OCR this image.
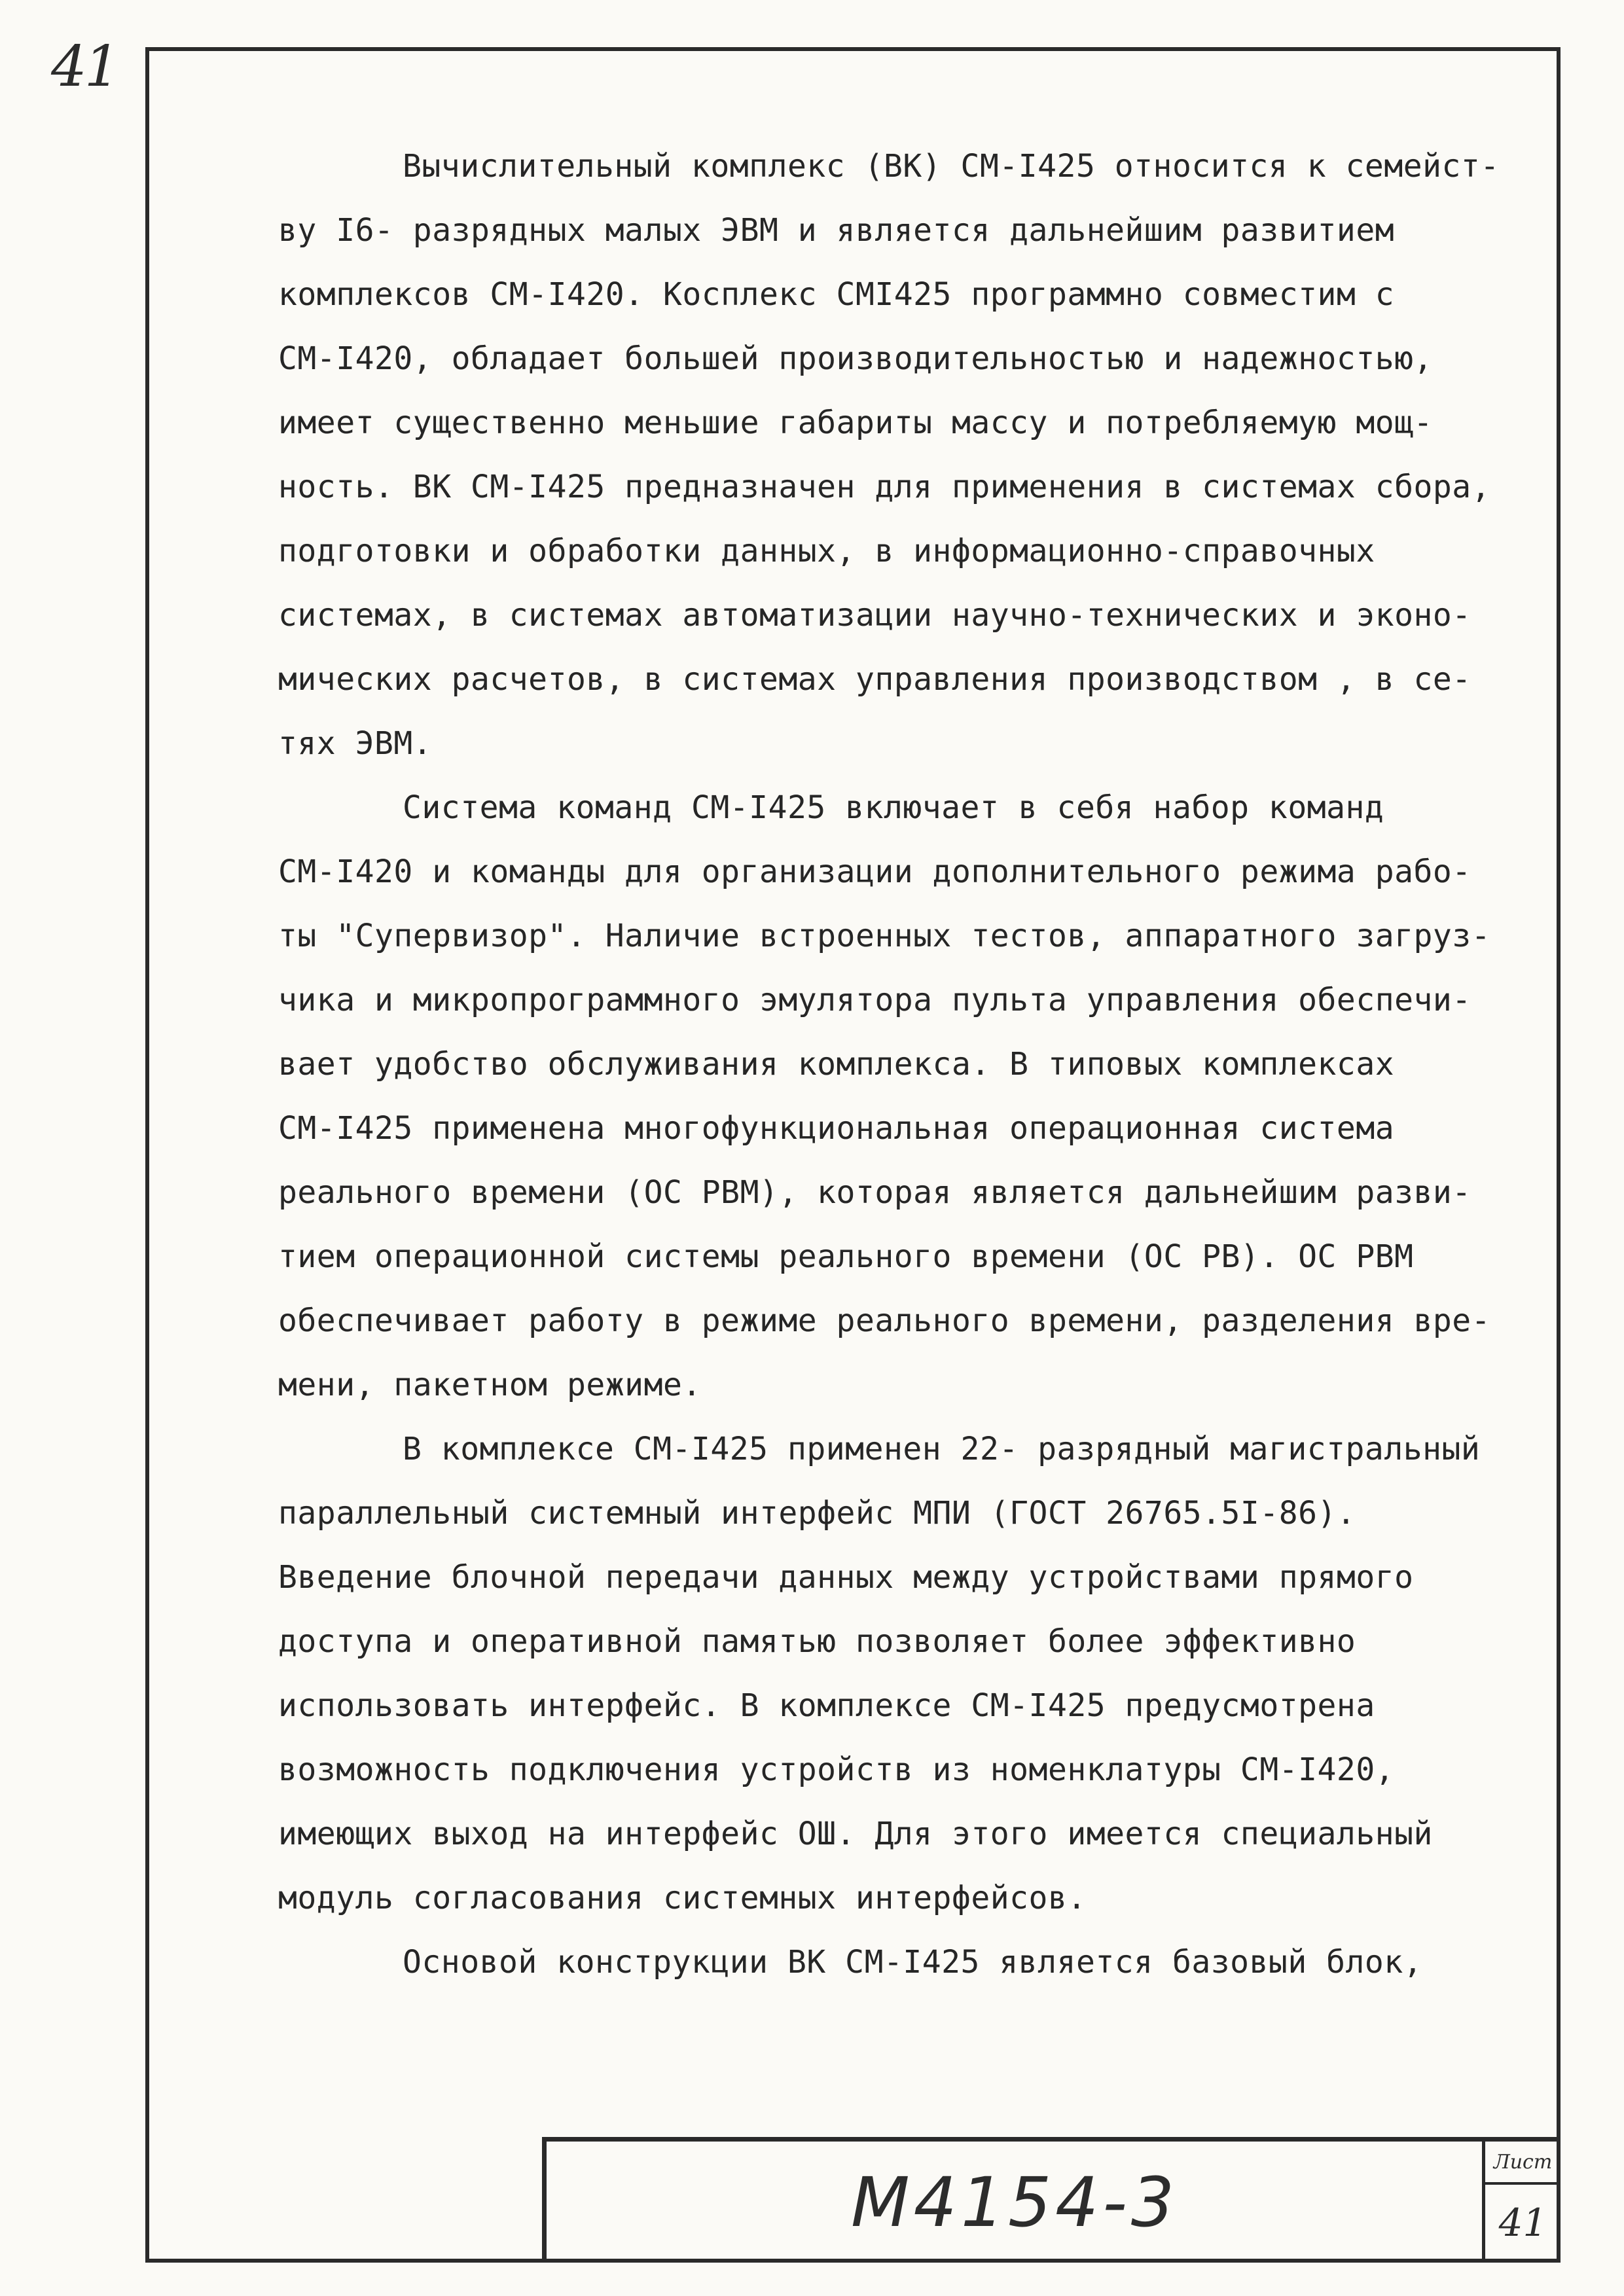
41
Вычислительный комплекс (ВК) СМ-I425 относится к семейст-
ву I6- разрядных малых ЭВМ и является дальнейшим развитием
комплексов СМ-I420. Косплекс СМI425 программно совместим с
СМ-I420, обладает большей производительностью и надежностью,
имеет существенно меньшие габариты массу и потребляемую мощ-
ность. ВК СМ-I425 предназначен для применения в системах сбора,
подготовки и обработки данных, в информационно-справочных
системах, в системах автоматизации научно-технических и эконо-
мических расчетов, в системах управления производством , в се-
тях ЭВМ.
Система команд СМ-I425 включает в себя набор команд
СМ-I420 и команды для организации дополнительного режима рабо-
ты "Супервизор". Наличие встроенных тестов, аппаратного загруз-
чика и микропрограммного эмулятора пульта управления обеспечи-
вает удобство обслуживания комплекса. В типовых комплексах
СМ-I425 применена многофункциональная операционная система
реального времени (ОС РВМ), которая является дальнейшим разви-
тием операционной системы реального времени (ОС РВ). ОС РВМ
обеспечивает работу в режиме реального времени, разделения вре-
мени, пакетном режиме.
В комплексе СМ-I425 применен 22- разрядный магистральный
параллельный системный интерфейс МПИ (ГОСТ 26765.5I-86).
Введение блочной передачи данных между устройствами прямого
доступа и оперативной памятью позволяет более эффективно
использовать интерфейс. В комплексе СМ-I425 предусмотрена
возможность подключения устройств из номенклатуры СМ-I420,
имеющих выход на интерфейс ОШ. Для этого имеется специальный
модуль согласования системных интерфейсов.
Основой конструкции ВК СМ-I425 является базовый блок,
М4154-3
Лист
41
